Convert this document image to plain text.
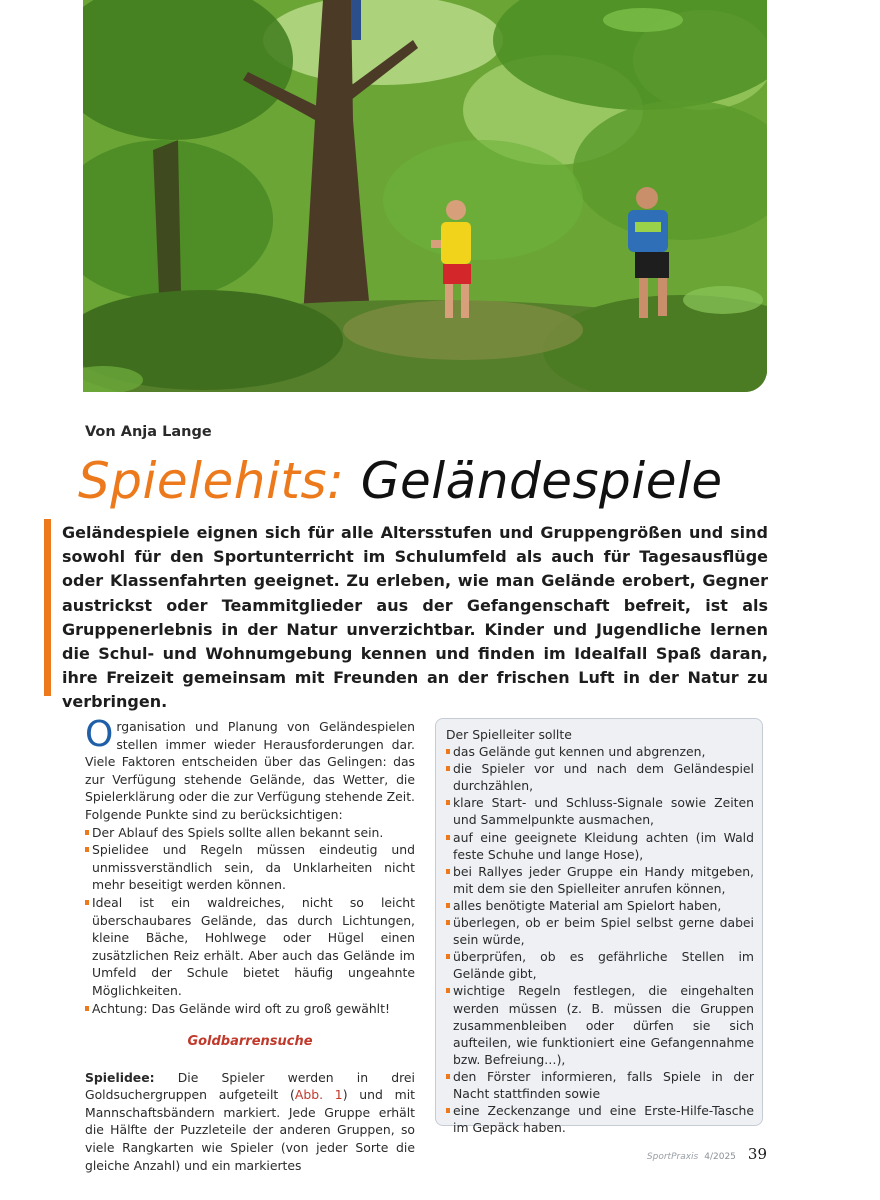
Von Anja Lange
Spielehits: Geländespiele

Geländespiele eignen sich für alle Altersstufen und Gruppengrößen und sind sowohl für den Sportunterricht im Schulumfeld als auch für Tagesausflüge oder Klassenfahrten geeignet. Zu erleben, wie man Gelände erobert, Gegner austrickst oder Teammitglieder aus der Gefangenschaft befreit, ist als Gruppenerlebnis in der Natur unverzichtbar. Kinder und Jugendliche lernen die Schul- und Wohnumgebung kennen und finden im Idealfall Spaß daran, ihre Freizeit gemeinsam mit Freunden an der frischen Luft in der Natur zu verbringen.

Organisation und Planung von Geländespielen stellen immer wieder Herausforderungen dar. Viele Faktoren entscheiden über das Gelingen: das zur Verfügung stehende Gelände, das Wetter, die Spielerklärung oder die zur Verfügung stehende Zeit. Folgende Punkte sind zu berücksichtigen:

Der Ablauf des Spiels sollte allen bekannt sein.
Spielidee und Regeln müssen eindeutig und unmissverständlich sein, da Unklarheiten nicht mehr beseitigt werden können.
Ideal ist ein waldreiches, nicht so leicht überschaubares Gelände, das durch Lichtungen, kleine Bäche, Hohlwege oder Hügel einen zusätzlichen Reiz erhält. Aber auch das Gelände im Umfeld der Schule bietet häufig ungeahnte Möglichkeiten.
Achtung: Das Gelände wird oft zu groß gewählt!
Goldbarrensuche

Spielidee: Die Spieler werden in drei Goldsuchergruppen aufgeteilt (Abb. 1) und mit Mannschaftsbändern markiert. Jede Gruppe erhält die Hälfte der Puzzleteile der anderen Gruppen, so viele Rangkarten wie Spieler (von jeder Sorte die gleiche Anzahl) und ein markiertes

Der Spielleiter sollte
das Gelände gut kennen und abgrenzen,
die Spieler vor und nach dem Geländespiel durchzählen,
klare Start- und Schluss-Signale sowie Zeiten und Sammelpunkte ausmachen,
auf eine geeignete Kleidung achten (im Wald feste Schuhe und lange Hose),
bei Rallyes jeder Gruppe ein Handy mitgeben, mit dem sie den Spielleiter anrufen können,
alles benötigte Material am Spielort haben,
überlegen, ob er beim Spiel selbst gerne dabei sein würde,
überprüfen, ob es gefährliche Stellen im Gelände gibt,
wichtige Regeln festlegen, die eingehalten werden müssen (z. B. müssen die Gruppen zusammenbleiben oder dürfen sie sich aufteilen, wie funktioniert eine Gefangennahme bzw. Befreiung…),
den Förster informieren, falls Spiele in der Nacht stattfinden sowie
eine Zeckenzange und eine Erste-Hilfe-Tasche im Gepäck haben.
SportPraxis 4/2025 39
